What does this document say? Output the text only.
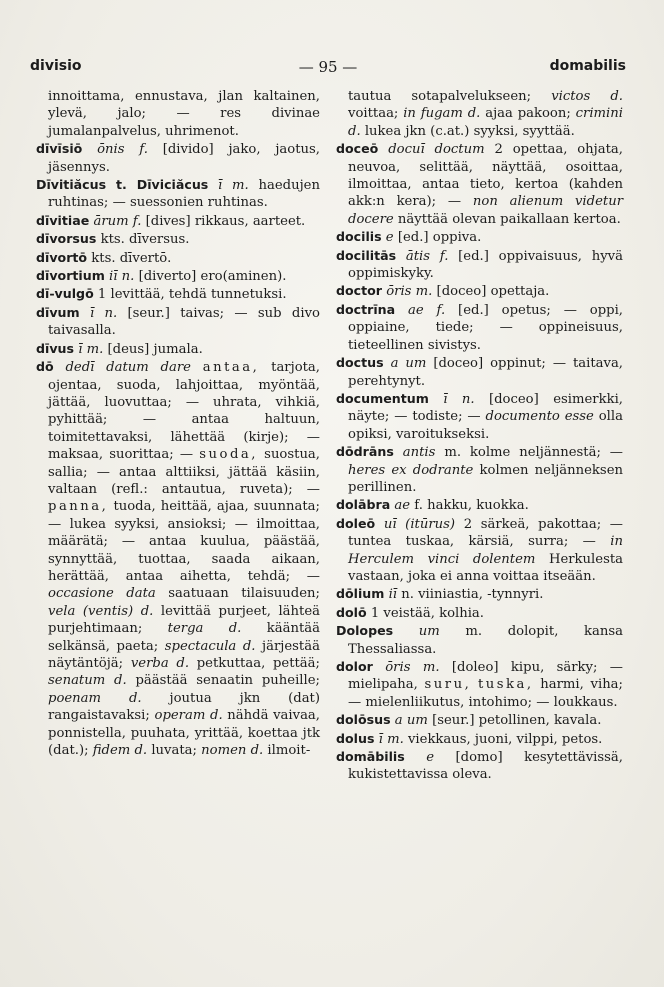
divisio	— 95 —	domabilis

innoittama, ennustava, jlan kaltainen, ylevä, jalo; — res divinae jumalanpalvelus, uhrimenot.

dīvīsiō ōnis f. [divido] jako, jaotus, jäsennys.

Dīvitiăcus t. Dīviciăcus ī m. haedujen ruhtinas; — suessonien ruhtinas.

dīvitiae ārum f. [dives] rikkaus, aarteet.

dīvorsus kts. dīversus.

dīvortō kts. dīvertō.

dīvortium iī n. [diverto] ero(aminen).

dī-vulgō 1 levittää, tehdä tunnetuksi.

dīvum ī n. [seur.] taivas; — sub divo taivasalla.

dīvus ī m. [deus] jumala.

dō dedī datum dare antaa, tarjota, ojentaa, suoda, lahjoittaa, myöntää, jättää, luovuttaa; — uhrata, vihkiä, pyhittää; — antaa haltuun, toimitettavaksi, lähettää (kirje); — maksaa, suorittaa; — suoda, suostua, sallia; — antaa alttiiksi, jättää käsiin, valtaan (refl.: antautua, ruveta); — panna, tuoda, heittää, ajaa, suunnata; — lukea syyksi, ansioksi; — ilmoittaa, määrätä; — antaa kuulua, päästää, synnyttää, tuottaa, saada aikaan, herättää, antaa aihetta, tehdä; — occasione data saatuaan tilaisuuden; vela (ventis) d. levittää purjeet, lähteä purjehtimaan; terga d. kääntää selkänsä, paeta; spectacula d. järjestää näytäntöjä; verba d. petkuttaa, pettää; senatum d. päästää senaatin puheille; poenam d. joutua jkn (dat) rangaistavaksi; operam d. nähdä vaivaa, ponnistella, puuhata, yrittää, koettaa jtk (dat.); fidem d. luvata; nomen d. ilmoit-

tautua sotapalvelukseen; victos d. voittaa; in fugam d. ajaa pakoon; crimini d. lukea jkn (c.at.) syyksi, syyttää.

doceō docuī doctum 2 opettaa, ohjata, neuvoa, selittää, näyttää, osoittaa, ilmoittaa, antaa tieto, kertoa (kahden akk:n kera); — non alienum videtur docere näyttää olevan paikallaan kertoa.

docilis e [ed.] oppiva.

docilitās ātis f. [ed.] oppivaisuus, hyvä oppimiskyky.

doctor ōris m. [doceo] opettaja.

doctrīna ae f. [ed.] opetus; — oppi, oppiaine, tiede; — oppineisuus, tieteellinen sivistys.

doctus a um [doceo] oppinut; — taitava, perehtynyt.

documentum ī n. [doceo] esimerkki, näyte; — todiste; — documento esse olla opiksi, varoitukseksi.

dōdrāns antis m. kolme neljännestä; — heres ex dodrante kolmen neljänneksen perillinen.

dolābra ae f. hakku, kuokka.

doleō uī (itūrus) 2 särkeä, pakottaa; — tuntea tuskaa, kärsiä, surra; — in Herculem vinci dolentem Herkulesta vastaan, joka ei anna voittaa itseään.

dōlium iī n. viiniastia, -tynnyri.

dolō 1 veistää, kolhia.

Dolopes um m. dolopit, kansa Thessaliassa.

dolor ōris m. [doleo] kipu, särky; — mielipaha, suru, tuska, harmi, viha; — mielenliikutus, intohimo; — loukkaus.

dolōsus a um [seur.] petollinen, kavala.

dolus ī m. viekkaus, juoni, vilppi, petos.

domābilis e [domo] kesytettävissä, kukistettavissa oleva.
